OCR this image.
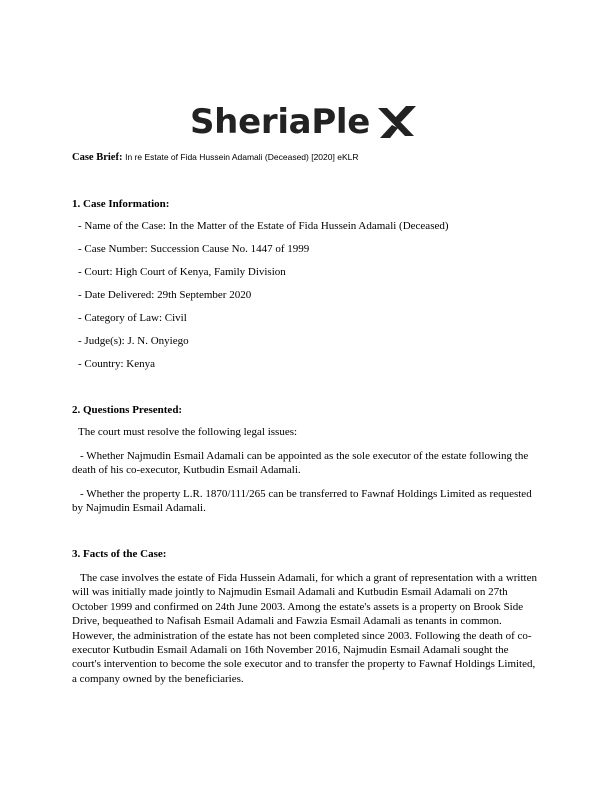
SheriaPle
Case Brief: In re Estate of Fida Hussein Adamali (Deceased) [2020] eKLR
1. Case Information:
- Name of the Case: In the Matter of the Estate of Fida Hussein Adamali (Deceased)
- Case Number: Succession Cause No. 1447 of 1999
- Court: High Court of Kenya, Family Division
- Date Delivered: 29th September 2020
- Category of Law: Civil
- Judge(s): J. N. Onyiego
- Country: Kenya
2. Questions Presented:
The court must resolve the following legal issues:
- Whether Najmudin Esmail Adamali can be appointed as the sole executor of the estate following the death of his co-executor, Kutbudin Esmail Adamali.
- Whether the property L.R. 1870/111/265 can be transferred to Fawnaf Holdings Limited as requested by Najmudin Esmail Adamali.
3. Facts of the Case:
The case involves the estate of Fida Hussein Adamali, for which a grant of representation with a written will was initially made jointly to Najmudin Esmail Adamali and Kutbudin Esmail Adamali on 27th October 1999 and confirmed on 24th June 2003. Among the estate's assets is a property on Brook Side Drive, bequeathed to Nafisah Esmail Adamali and Fawzia Esmail Adamali as tenants in common. However, the administration of the estate has not been completed since 2003. Following the death of co-executor Kutbudin Esmail Adamali on 16th November 2016, Najmudin Esmail Adamali sought the court's intervention to become the sole executor and to transfer the property to Fawnaf Holdings Limited, a company owned by the beneficiaries.
